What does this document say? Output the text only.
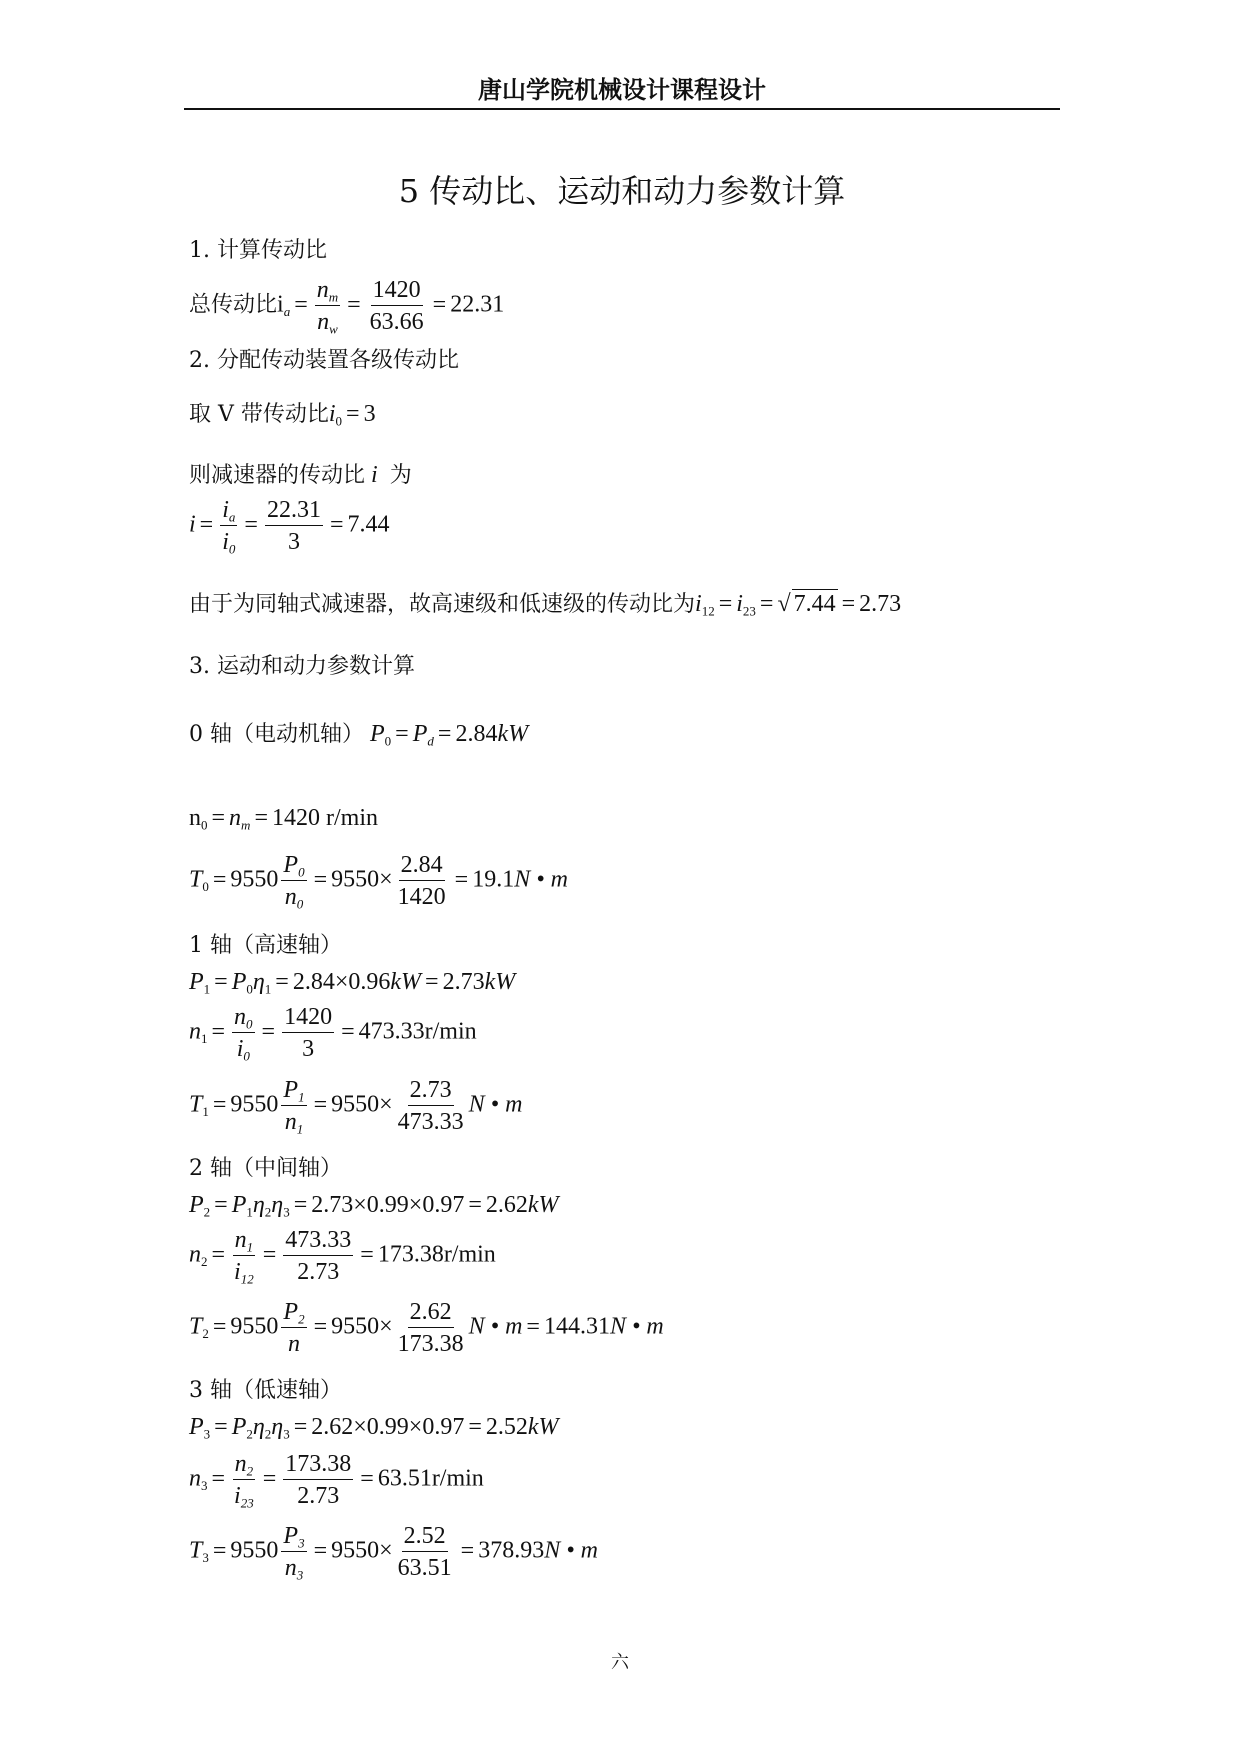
唐山学院机械设计课程设计
5 传动比、运动和动力参数计算
1. 计算传动比
总传动比$i_a = \frac{n_m}{n_w} = \frac{1420}{63.66} = 22.31$
2. 分配传动装置各级传动比
取 V 带传动比$i_0 = 3$
则减速器的传动比 i 为
$i = \frac{i_a}{i_0} = \frac{22.31}{3} = 7.44$
由于为同轴式减速器，故高速级和低速级的传动比为$i_{12} = i_{23}$ = √ 7.44 = 2.73
3. 运动和动力参数计算
0 轴（电动机轴） $P_0 = P_d = 2.84kW$
$n_0 = n_m = 1420$ r/min
$T_0 = 9550 \frac{P_0}{n_0} = 9550\times \frac{2.84}{1420} = 19.1N$ • m
1 轴（高速轴）
$P_1 = P_0\eta_1 = 2.84\times 0.96kW = 2.73kW$
$n_1 = \frac{n_0}{i_0} = \frac{1420}{3} = 473.33r/\min$
$T_1 = 9550 \frac{P_1}{n_1} = 9550\times \frac{2.73}{473.33}$ N • m
2 轴（中间轴）
$P_2 = P_1\eta_2\eta_3 = 2.73\times 0.99\times 0.97 = 2.62kW$
$n_2 = \frac{n_1}{i_{12}} = \frac{473.33}{2.73} = 173.38r/\min$
$T_2 = 9550 \frac{P_2}{n} = 9550\times \frac{2.62}{173.38}$ N • m = 144.31N • m
3 轴（低速轴）
$P_3 = P_2\eta_2\eta_3 = 2.62\times 0.99\times 0.97 = 2.52kW$
$n_3 = \frac{n_2}{i_{23}} = \frac{173.38}{2.73} = 63.51r/\min$
$T_3 = 9550 \frac{P_3}{n_3} = 9550\times \frac{2.52}{63.51} = 378.93N$ • m
六
